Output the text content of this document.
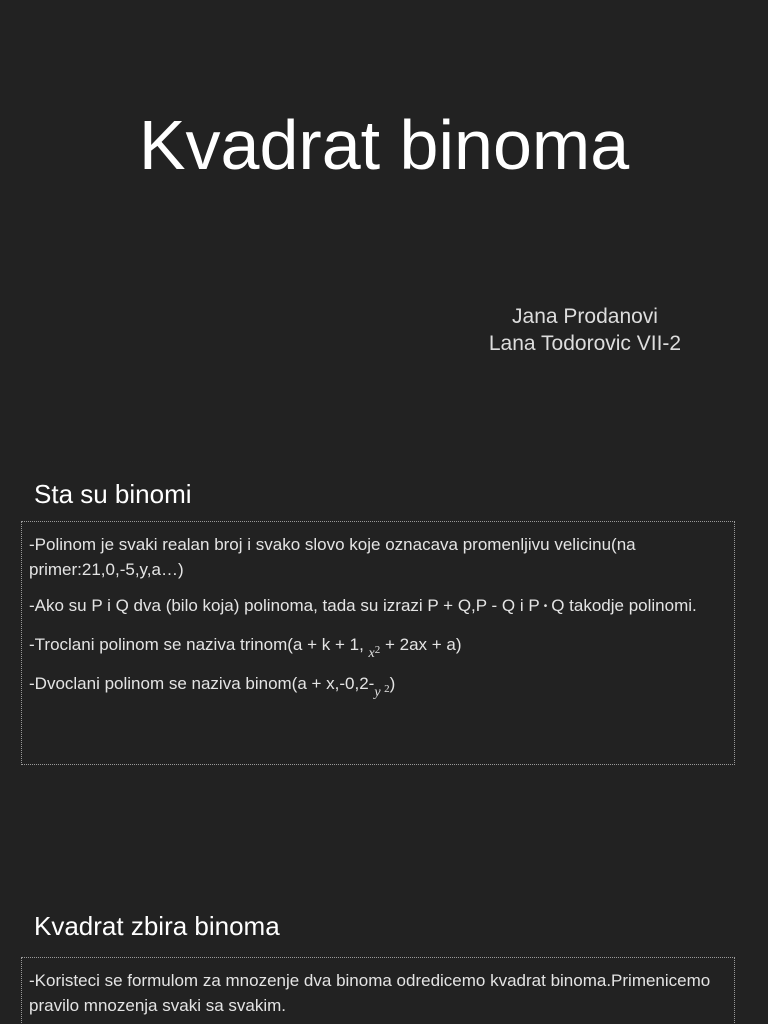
Kvadrat binoma
Jana Prodanovi
Lana Todorovic VII-2
Sta su binomi

-Polinom je svaki realan broj i svako slovo koje oznacava promenljivu velicinu(na primer:21,0,-5,y,a…)

-Ako su P i Q dva (bilo koja) polinoma, tada su izrazi P + Q,P - Q i P • Q takodje polinomi.

-Troclani polinom se naziva trinom(a + k + 1, $_{x^2}$ + 2ax + a)

-Dvoclani polinom se naziva binom(a + $x,-0,2-_{y ^2}$)

Kvadrat zbira binoma

-Koristeci se formulom za mnozenje dva binoma odredicemo kvadrat binoma.Primenicemo pravilo mnozenja svaki sa svakim.
